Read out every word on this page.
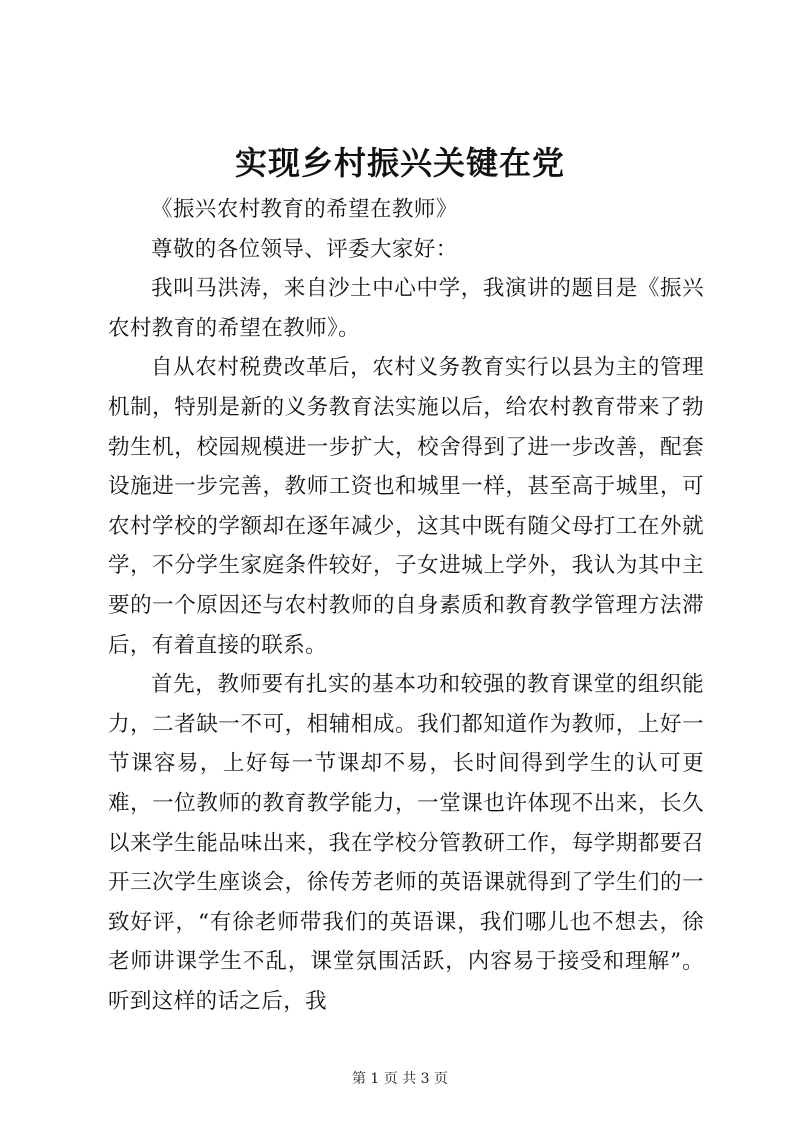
实现乡村振兴关键在党

《振兴农村教育的希望在教师》

尊敬的各位领导、评委大家好：

我叫马洪涛，来自沙土中心中学，我演讲的题目是《振兴农村教育的希望在教师》。

自从农村税费改革后，农村义务教育实行以县为主的管理机制，特别是新的义务教育法实施以后，给农村教育带来了勃勃生机，校园规模进一步扩大，校舍得到了进一步改善，配套设施进一步完善，教师工资也和城里一样，甚至高于城里，可农村学校的学额却在逐年减少，这其中既有随父母打工在外就学，不分学生家庭条件较好，子女进城上学外，我认为其中主要的一个原因还与农村教师的自身素质和教育教学管理方法滞后，有着直接的联系。

首先，教师要有扎实的基本功和较强的教育课堂的组织能力，二者缺一不可，相辅相成。我们都知道作为教师，上好一节课容易，上好每一节课却不易，长时间得到学生的认可更难，一位教师的教育教学能力，一堂课也许体现不出来，长久以来学生能品味出来，我在学校分管教研工作，每学期都要召开三次学生座谈会，徐传芳老师的英语课就得到了学生们的一致好评，“有徐老师带我们的英语课，我们哪儿也不想去，徐老师讲课学生不乱，课堂氛围活跃，内容易于接受和理解”。听到这样的话之后，我

第 1 页 共 3 页
